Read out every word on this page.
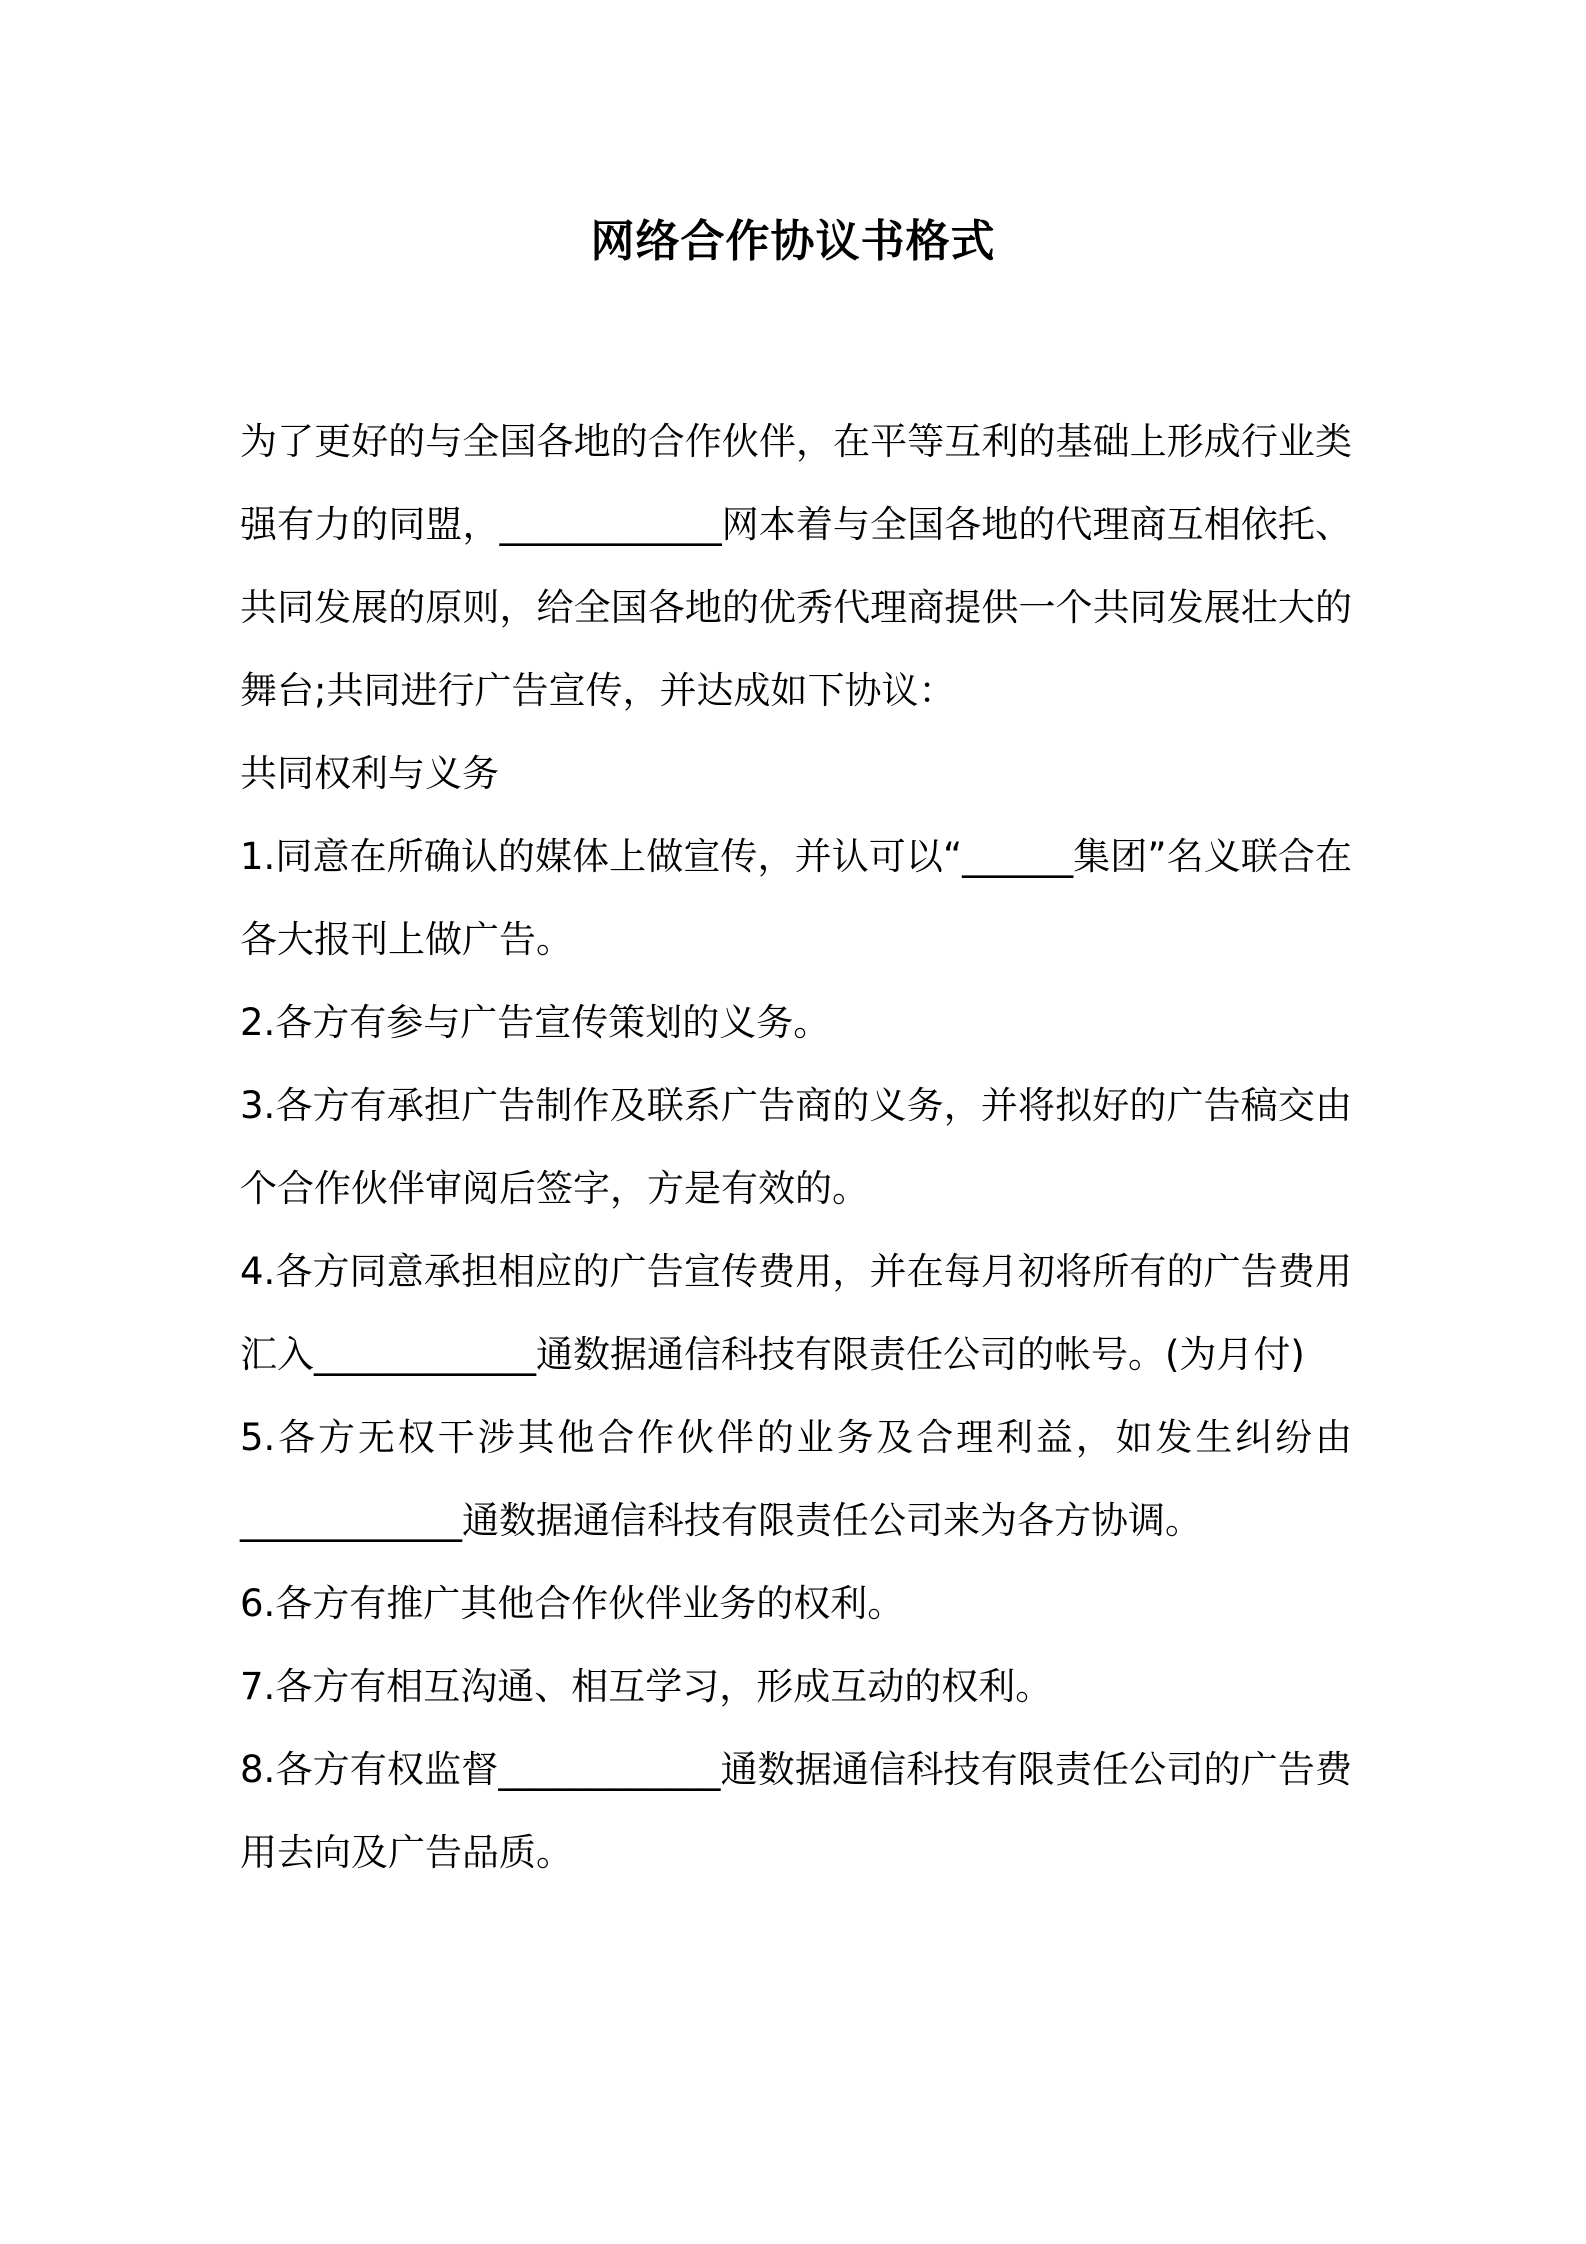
网络合作协议书格式

为了更好的与全国各地的合作伙伴，在平等互利的基础上形成行业类强有力的同盟，____________网本着与全国各地的代理商互相依托、共同发展的原则，给全国各地的优秀代理商提供一个共同发展壮大的舞台;共同进行广告宣传，并达成如下协议：

共同权利与义务

1.同意在所确认的媒体上做宣传，并认可以“______集团”名义联合在各大报刊上做广告。

2.各方有参与广告宣传策划的义务。

3.各方有承担广告制作及联系广告商的义务，并将拟好的广告稿交由个合作伙伴审阅后签字，方是有效的。

4.各方同意承担相应的广告宣传费用，并在每月初将所有的广告费用汇入____________通数据通信科技有限责任公司的帐号。(为月付)

5.各方无权干涉其他合作伙伴的业务及合理利益，如发生纠纷由____________通数据通信科技有限责任公司来为各方协调。

6.各方有推广其他合作伙伴业务的权利。

7.各方有相互沟通、相互学习，形成互动的权利。

8.各方有权监督____________通数据通信科技有限责任公司的广告费用去向及广告品质。
